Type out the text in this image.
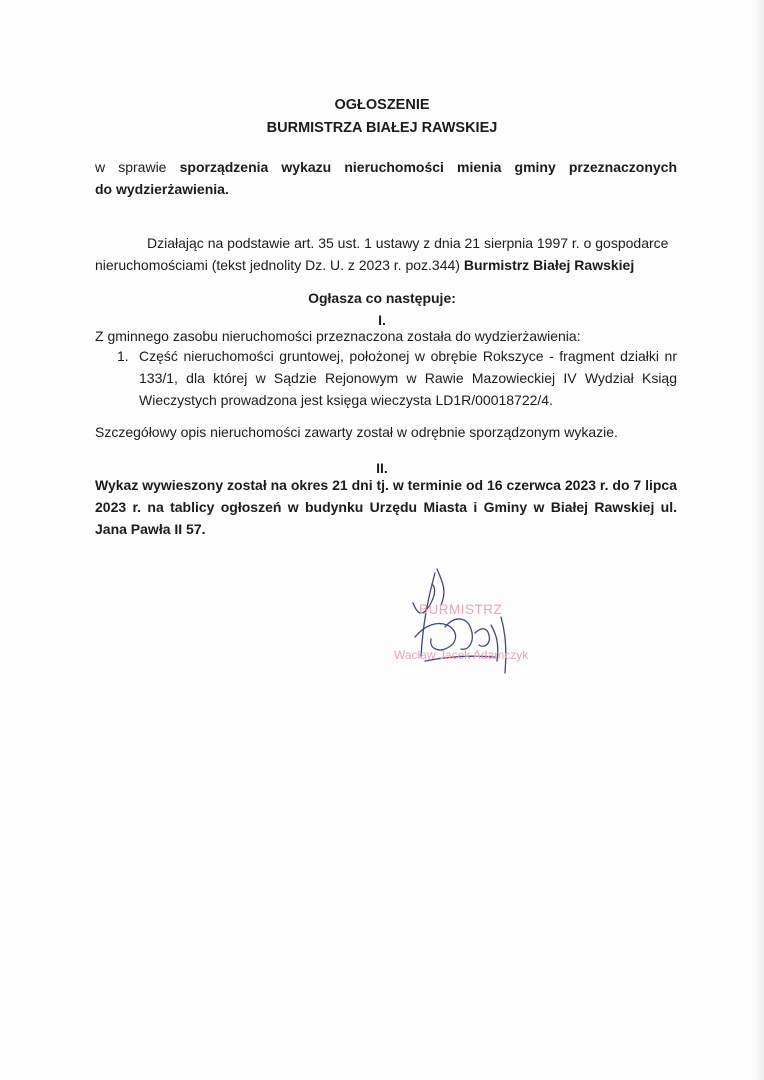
OGŁOSZENIE
BURMISTRZA BIAŁEJ RAWSKIEJ
w sprawie sporządzenia wykazu nieruchomości mienia gminy przeznaczonych
do wydzierżawienia.
Działając na podstawie art. 35 ust. 1 ustawy z dnia 21 sierpnia 1997 r. o gospodarce
nieruchomościami (tekst jednolity Dz. U. z 2023 r. poz.344) Burmistrz Białej Rawskiej
Ogłasza co następuje:
I.
Z gminnego zasobu nieruchomości przeznaczona została do wydzierżawienia:
1. Część nieruchomości gruntowej, położonej w obrębie Rokszyce - fragment działki nr 133/1, dla której w Sądzie Rejonowym w Rawie Mazowieckiej IV Wydział Ksiąg Wieczystych prowadzona jest księga wieczysta LD1R/00018722/4.
Szczegółowy opis nieruchomości zawarty został w odrębnie sporządzonym wykazie.
II.
Wykaz wywieszony został na okres 21 dni tj. w terminie od 16 czerwca 2023 r. do 7 lipca 2023 r. na tablicy ogłoszeń w budynku Urzędu Miasta i Gminy w Białej Rawskiej ul. Jana Pawła II 57.
BURMISTRZ
Wacław Jacek Adamczyk
